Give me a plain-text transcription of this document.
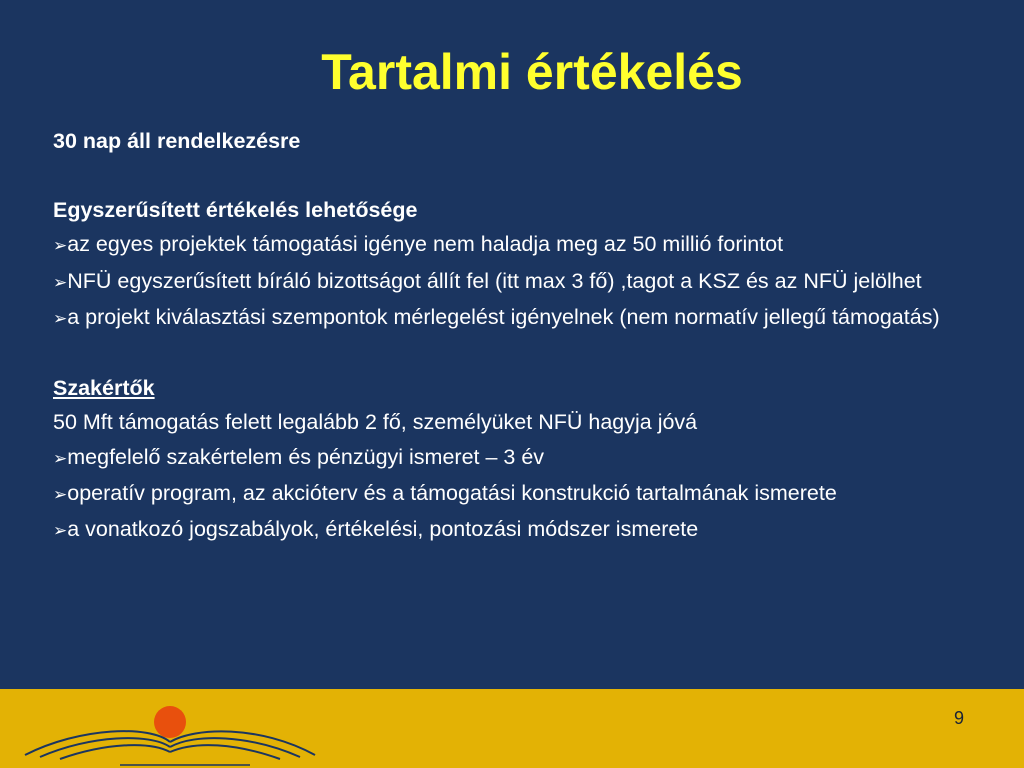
Tartalmi értékelés

30 nap áll rendelkezésre

Egyszerűsített értékelés lehetősége

➢az egyes projektek támogatási igénye nem haladja meg az 50 millió forintot

➢NFÜ egyszerűsített bíráló bizottságot állít fel (itt max 3 fő) ,tagot a KSZ és az NFÜ jelölhet

➢a projekt kiválasztási szempontok mérlegelést igényelnek (nem normatív jellegű támogatás)

Szakértők

50 Mft támogatás felett legalább 2 fő, személyüket NFÜ hagyja jóvá

➢megfelelő szakértelem és pénzügyi ismeret – 3 év

➢operatív program, az akcióterv és a támogatási konstrukció tartalmának ismerete

➢a vonatkozó jogszabályok, értékelési, pontozási módszer ismerete

9
